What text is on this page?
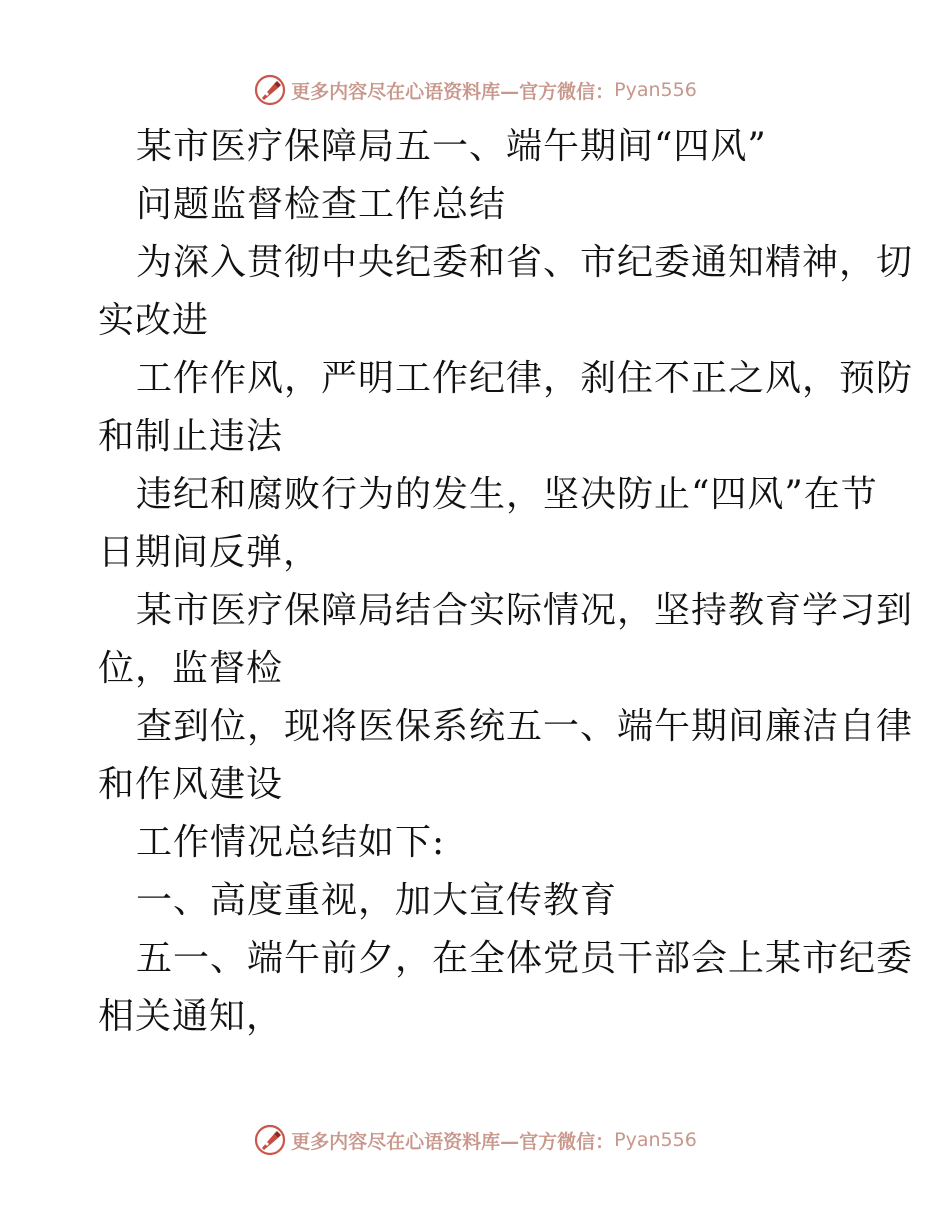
更多内容尽在心语资料库—官方微信： Pyan556
某市医疗保障局五一、端午期间“四风”
问题监督检查工作总结
为深入贯彻中央纪委和省、市纪委通知精神，切
实改进
工作作风，严明工作纪律，刹住不正之风，预防
和制止违法
违纪和腐败行为的发生，坚决防止“四风”在节
日期间反弹，
某市医疗保障局结合实际情况，坚持教育学习到
位，监督检
查到位，现将医保系统五一、端午期间廉洁自律
和作风建设
工作情况总结如下:
一、高度重视，加大宣传教育
五一、端午前夕，在全体党员干部会上某市纪委
相关通知，
更多内容尽在心语资料库—官方微信： Pyan556
